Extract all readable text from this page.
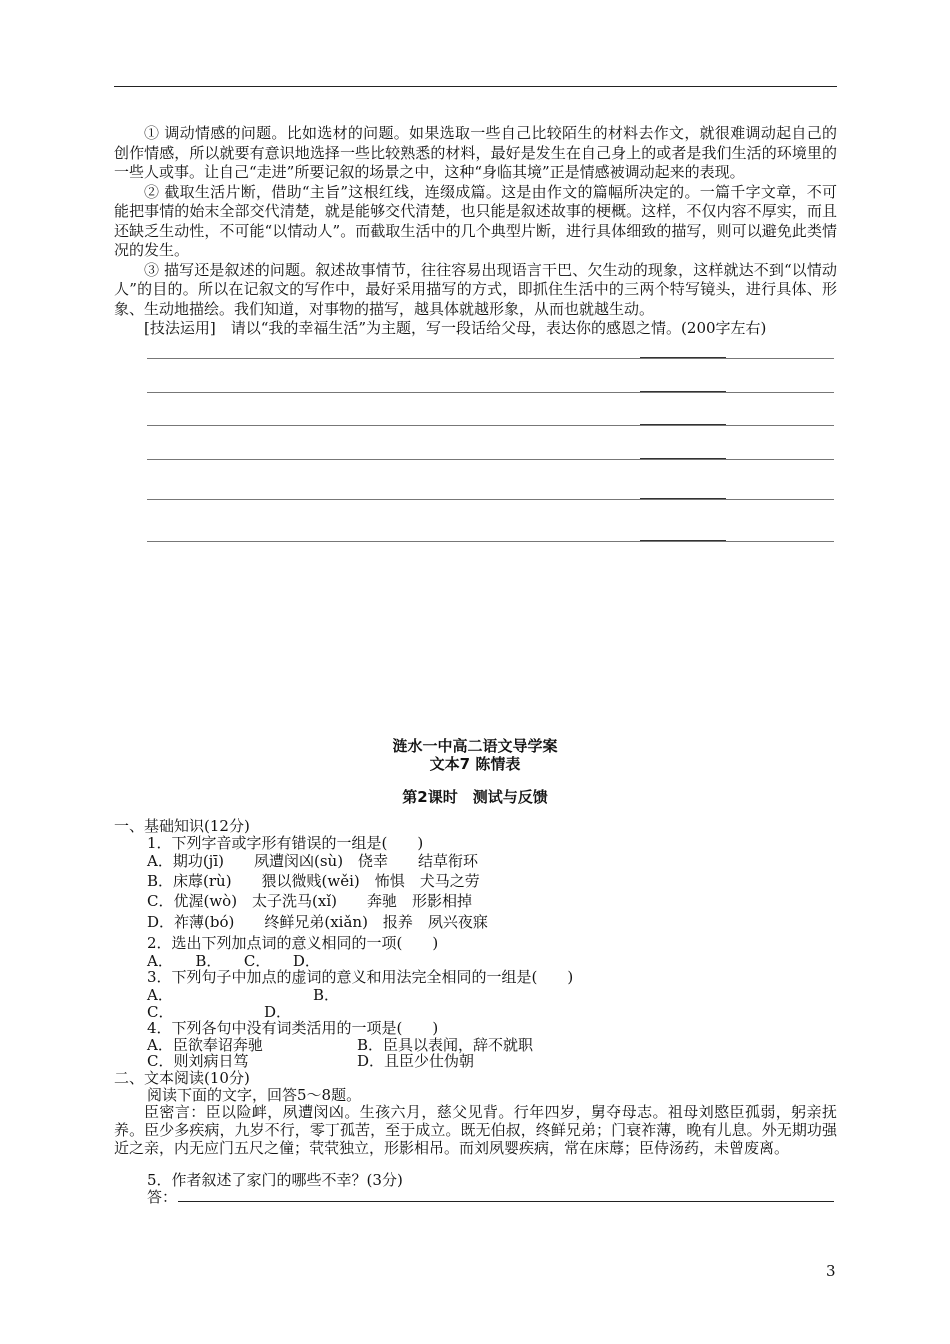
① 调动情感的问题。比如选材的问题。如果选取一些自己比较陌生的材料去作文，就很难调动起自己的创作情感，所以就要有意识地选择一些比较熟悉的材料，最好是发生在自己身上的或者是我们生活的环境里的一些人或事。让自己“走进”所要记叙的场景之中，这种“身临其境”正是情感被调动起来的表现。

② 截取生活片断，借助“主旨”这根红线，连缀成篇。这是由作文的篇幅所决定的。一篇千字文章，不可能把事情的始末全部交代清楚，就是能够交代清楚，也只能是叙述故事的梗概。这样，不仅内容不厚实，而且还缺乏生动性，不可能“以情动人”。而截取生活中的几个典型片断，进行具体细致的描写，则可以避免此类情况的发生。

③ 描写还是叙述的问题。叙述故事情节，往往容易出现语言干巴、欠生动的现象，这样就达不到“以情动人”的目的。所以在记叙文的写作中，最好采用描写的方式，即抓住生活中的三两个特写镜头，进行具体、形象、生动地描绘。我们知道，对事物的描写，越具体就越形象，从而也就越生动。

[技法运用]　请以“我的幸福生活”为主题，写一段话给父母，表达你的感恩之情。(200字左右)

涟水一中高二语文导学案
文本7 陈情表
第2课时　测试与反馈
一、基础知识(12分)
1．下列字音或字形有错误的一组是(　　)
A．期功(jī)　　夙遭闵凶(sù)　侥幸　　结草衔环
B．床蓐(rù)　　猥以微贱(wěi)　怖惧　犬马之劳
C．优渥(wò)　太子洗马(xǐ)　　奔驰　形影相掉
D．祚薄(bó)　　终鲜兄弟(xiǎn)　报养　夙兴夜寐
2．选出下列加点词的意义相同的一项(　　)
A．　　B．　　C．　　D．
3．下列句子中加点的虚词的意义和用法完全相同的一组是(　　)
A．	B．
C．	D．
4．下列各句中没有词类活用的一项是(　　)
A．臣欲奉诏奔驰	B．臣具以表闻，辞不就职
C．则刘病日笃	D．且臣少仕伪朝
二、文本阅读(10分)
阅读下面的文字，回答5～8题。

臣密言：臣以险衅，夙遭闵凶。生孩六月，慈父见背。行年四岁，舅夺母志。祖母刘愍臣孤弱，躬亲抚养。臣少多疾病，九岁不行，零丁孤苦，至于成立。既无伯叔，终鲜兄弟；门衰祚薄，晚有儿息。外无期功强近之亲，内无应门五尺之僮；茕茕独立，形影相吊。而刘夙婴疾病，常在床蓐；臣侍汤药，未曾废离。

5．作者叙述了家门的哪些不幸？(3分)
答：
3
